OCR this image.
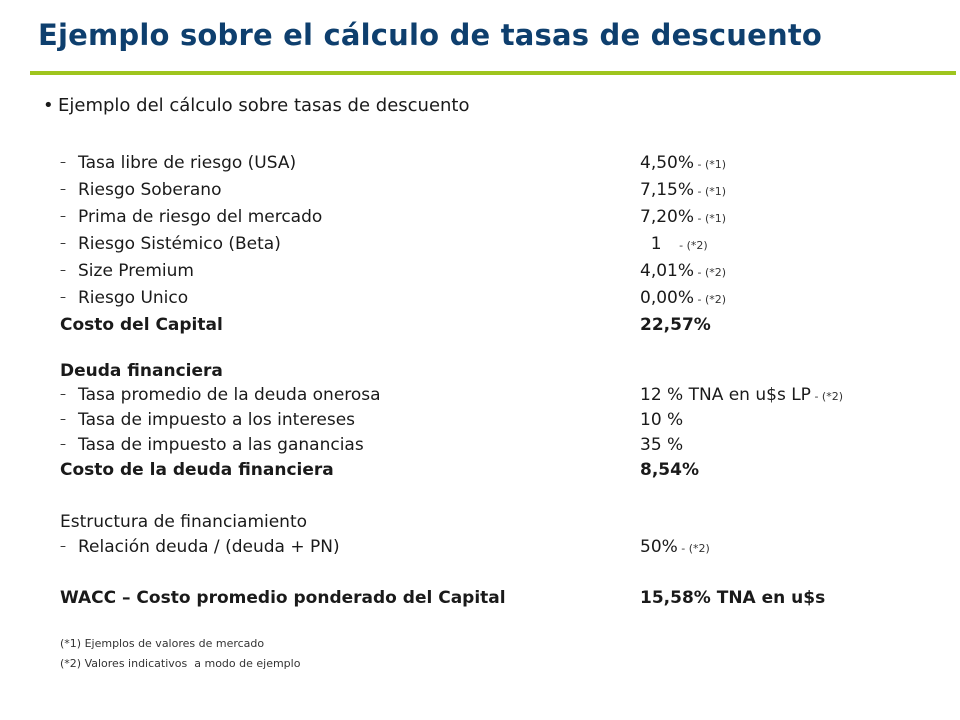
Ejemplo sobre el cálculo de tasas de descuento
• Ejemplo del cálculo sobre tasas de descuento
– Tasa libre de riesgo (USA)	4,50% - (*1)
– Riesgo Soberano	7,15% - (*1)
– Prima de riesgo del mercado	7,20% - (*1)
– Riesgo Sistémico (Beta)	1     - (*2)
– Size Premium	4,01% - (*2)
– Riesgo Unico	0,00% - (*2)
Costo del Capital	22,57%
Deuda financiera
– Tasa promedio de la deuda onerosa	12 % TNA en u$s LP - (*2)
– Tasa de impuesto a los intereses	10 %
– Tasa de impuesto a las ganancias	35 %
Costo de la deuda financiera	8,54%
Estructura de financiamiento
– Relación deuda / (deuda + PN)	50% - (*2)
WACC – Costo promedio ponderado del Capital	15,58% TNA en u$s
(*1) Ejemplos de valores de mercado
(*2) Valores indicativos  a modo de ejemplo
